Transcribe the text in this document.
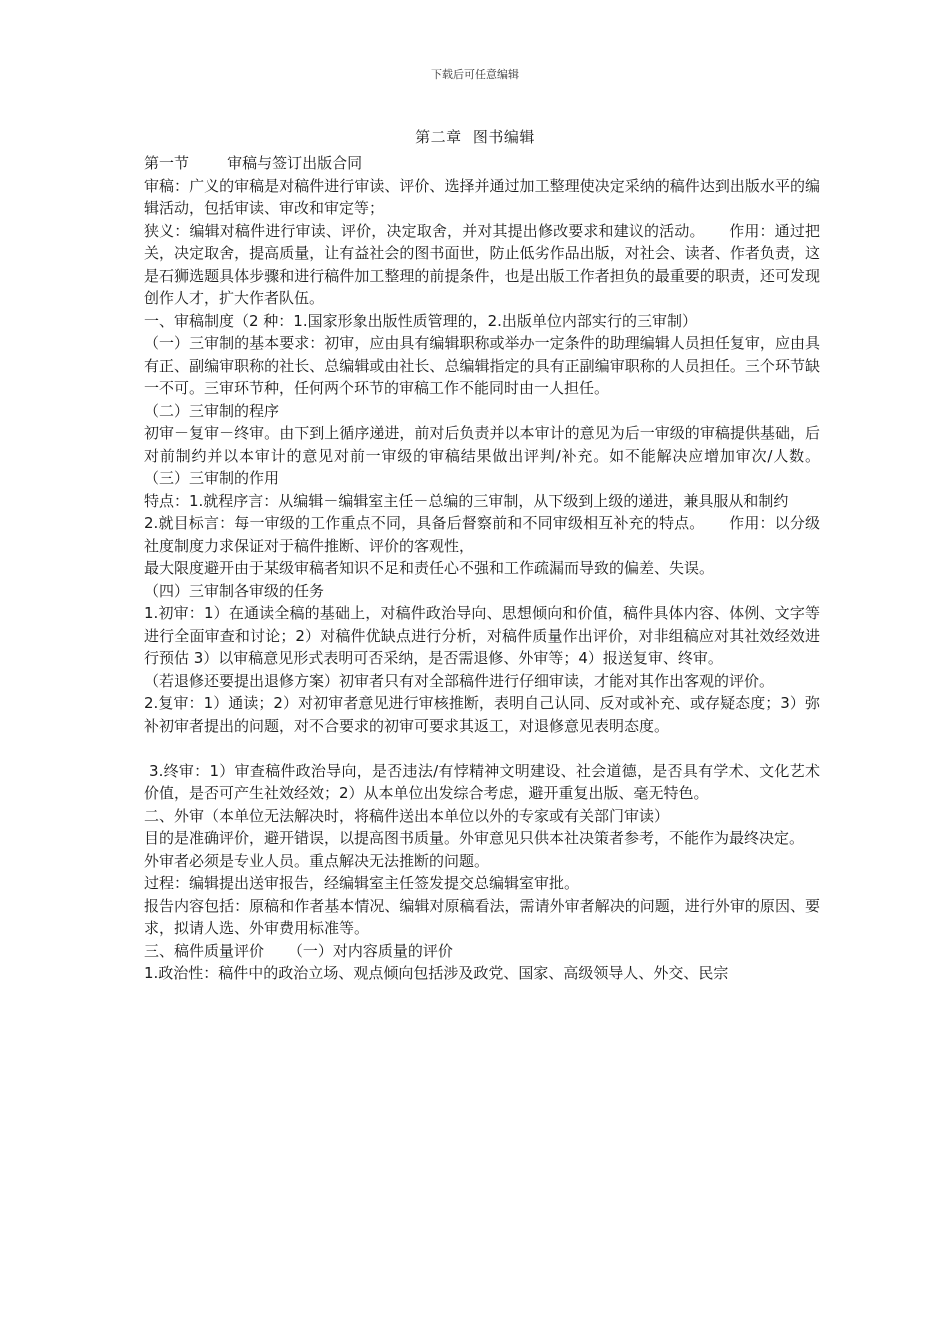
下载后可任意编辑
第二章 图书编辑

第一节        审稿与签订出版合同

审稿：广义的审稿是对稿件进行审读、评价、选择并通过加工整理使决定采纳的稿件达到出版水平的编辑活动，包括审读、审改和审定等；

狭义：编辑对稿件进行审读、评价，决定取舍，并对其提出修改要求和建议的活动。     作用：通过把关，决定取舍，提高质量，让有益社会的图书面世，防止低劣作品出版，对社会、读者、作者负责，这是石狮选题具体步骤和进行稿件加工整理的前提条件，也是出版工作者担负的最重要的职责，还可发现创作人才，扩大作者队伍。

一、审稿制度（2 种：1.国家形象出版性质管理的，2.出版单位内部实行的三审制）

（一）三审制的基本要求：初审，应由具有编辑职称或举办一定条件的助理编辑人员担任复审，应由具有正、副编审职称的社长、总编辑或由社长、总编辑指定的具有正副编审职称的人员担任。三个环节缺一不可。三审环节种，任何两个环节的审稿工作不能同时由一人担任。

（二）三审制的程序

初审－复审－终审。由下到上循序递进，前对后负责并以本审计的意见为后一审级的审稿提供基础，后对前制约并以本审计的意见对前一审级的审稿结果做出评判/补充。如不能解决应增加审次/人数。     （三）三审制的作用

特点：1.就程序言：从编辑－编辑室主任－总编的三审制，从下级到上级的递进，兼具服从和制约

2.就目标言：每一审级的工作重点不同，具备后督察前和不同审级相互补充的特点。     作用：以分级社度制度力求保证对于稿件推断、评价的客观性，

最大限度避开由于某级审稿者知识不足和责任心不强和工作疏漏而导致的偏差、失误。

（四）三审制各审级的任务

1.初审：1）在通读全稿的基础上，对稿件政治导向、思想倾向和价值，稿件具体内容、体例、文字等进行全面审查和讨论；2）对稿件优缺点进行分析，对稿件质量作出评价，对非组稿应对其社效经效进行预估 3）以审稿意见形式表明可否采纳，是否需退修、外审等；4）报送复审、终审。

（若退修还要提出退修方案）初审者只有对全部稿件进行仔细审读，才能对其作出客观的评价。

2.复审：1）通读；2）对初审者意见进行审核推断，表明自己认同、反对或补充、或存疑态度；3）弥补初审者提出的问题，对不合要求的初审可要求其返工，对退修意见表明态度。

3.终审：1）审查稿件政治导向，是否违法/有悖精神文明建设、社会道德，是否具有学术、文化艺术价值，是否可产生社效经效；2）从本单位出发综合考虑，避开重复出版、毫无特色。

二、外审（本单位无法解决时，将稿件送出本单位以外的专家或有关部门审读）

目的是准确评价，避开错误，以提高图书质量。外审意见只供本社决策者参考，不能作为最终决定。

外审者必须是专业人员。重点解决无法推断的问题。

过程：编辑提出送审报告，经编辑室主任签发提交总编辑室审批。

报告内容包括：原稿和作者基本情况、编辑对原稿看法，需请外审者解决的问题，进行外审的原因、要求，拟请人选、外审费用标准等。

三、稿件质量评价     （一）对内容质量的评价

1.政治性：稿件中的政治立场、观点倾向包括涉及政党、国家、高级领导人、外交、民宗
